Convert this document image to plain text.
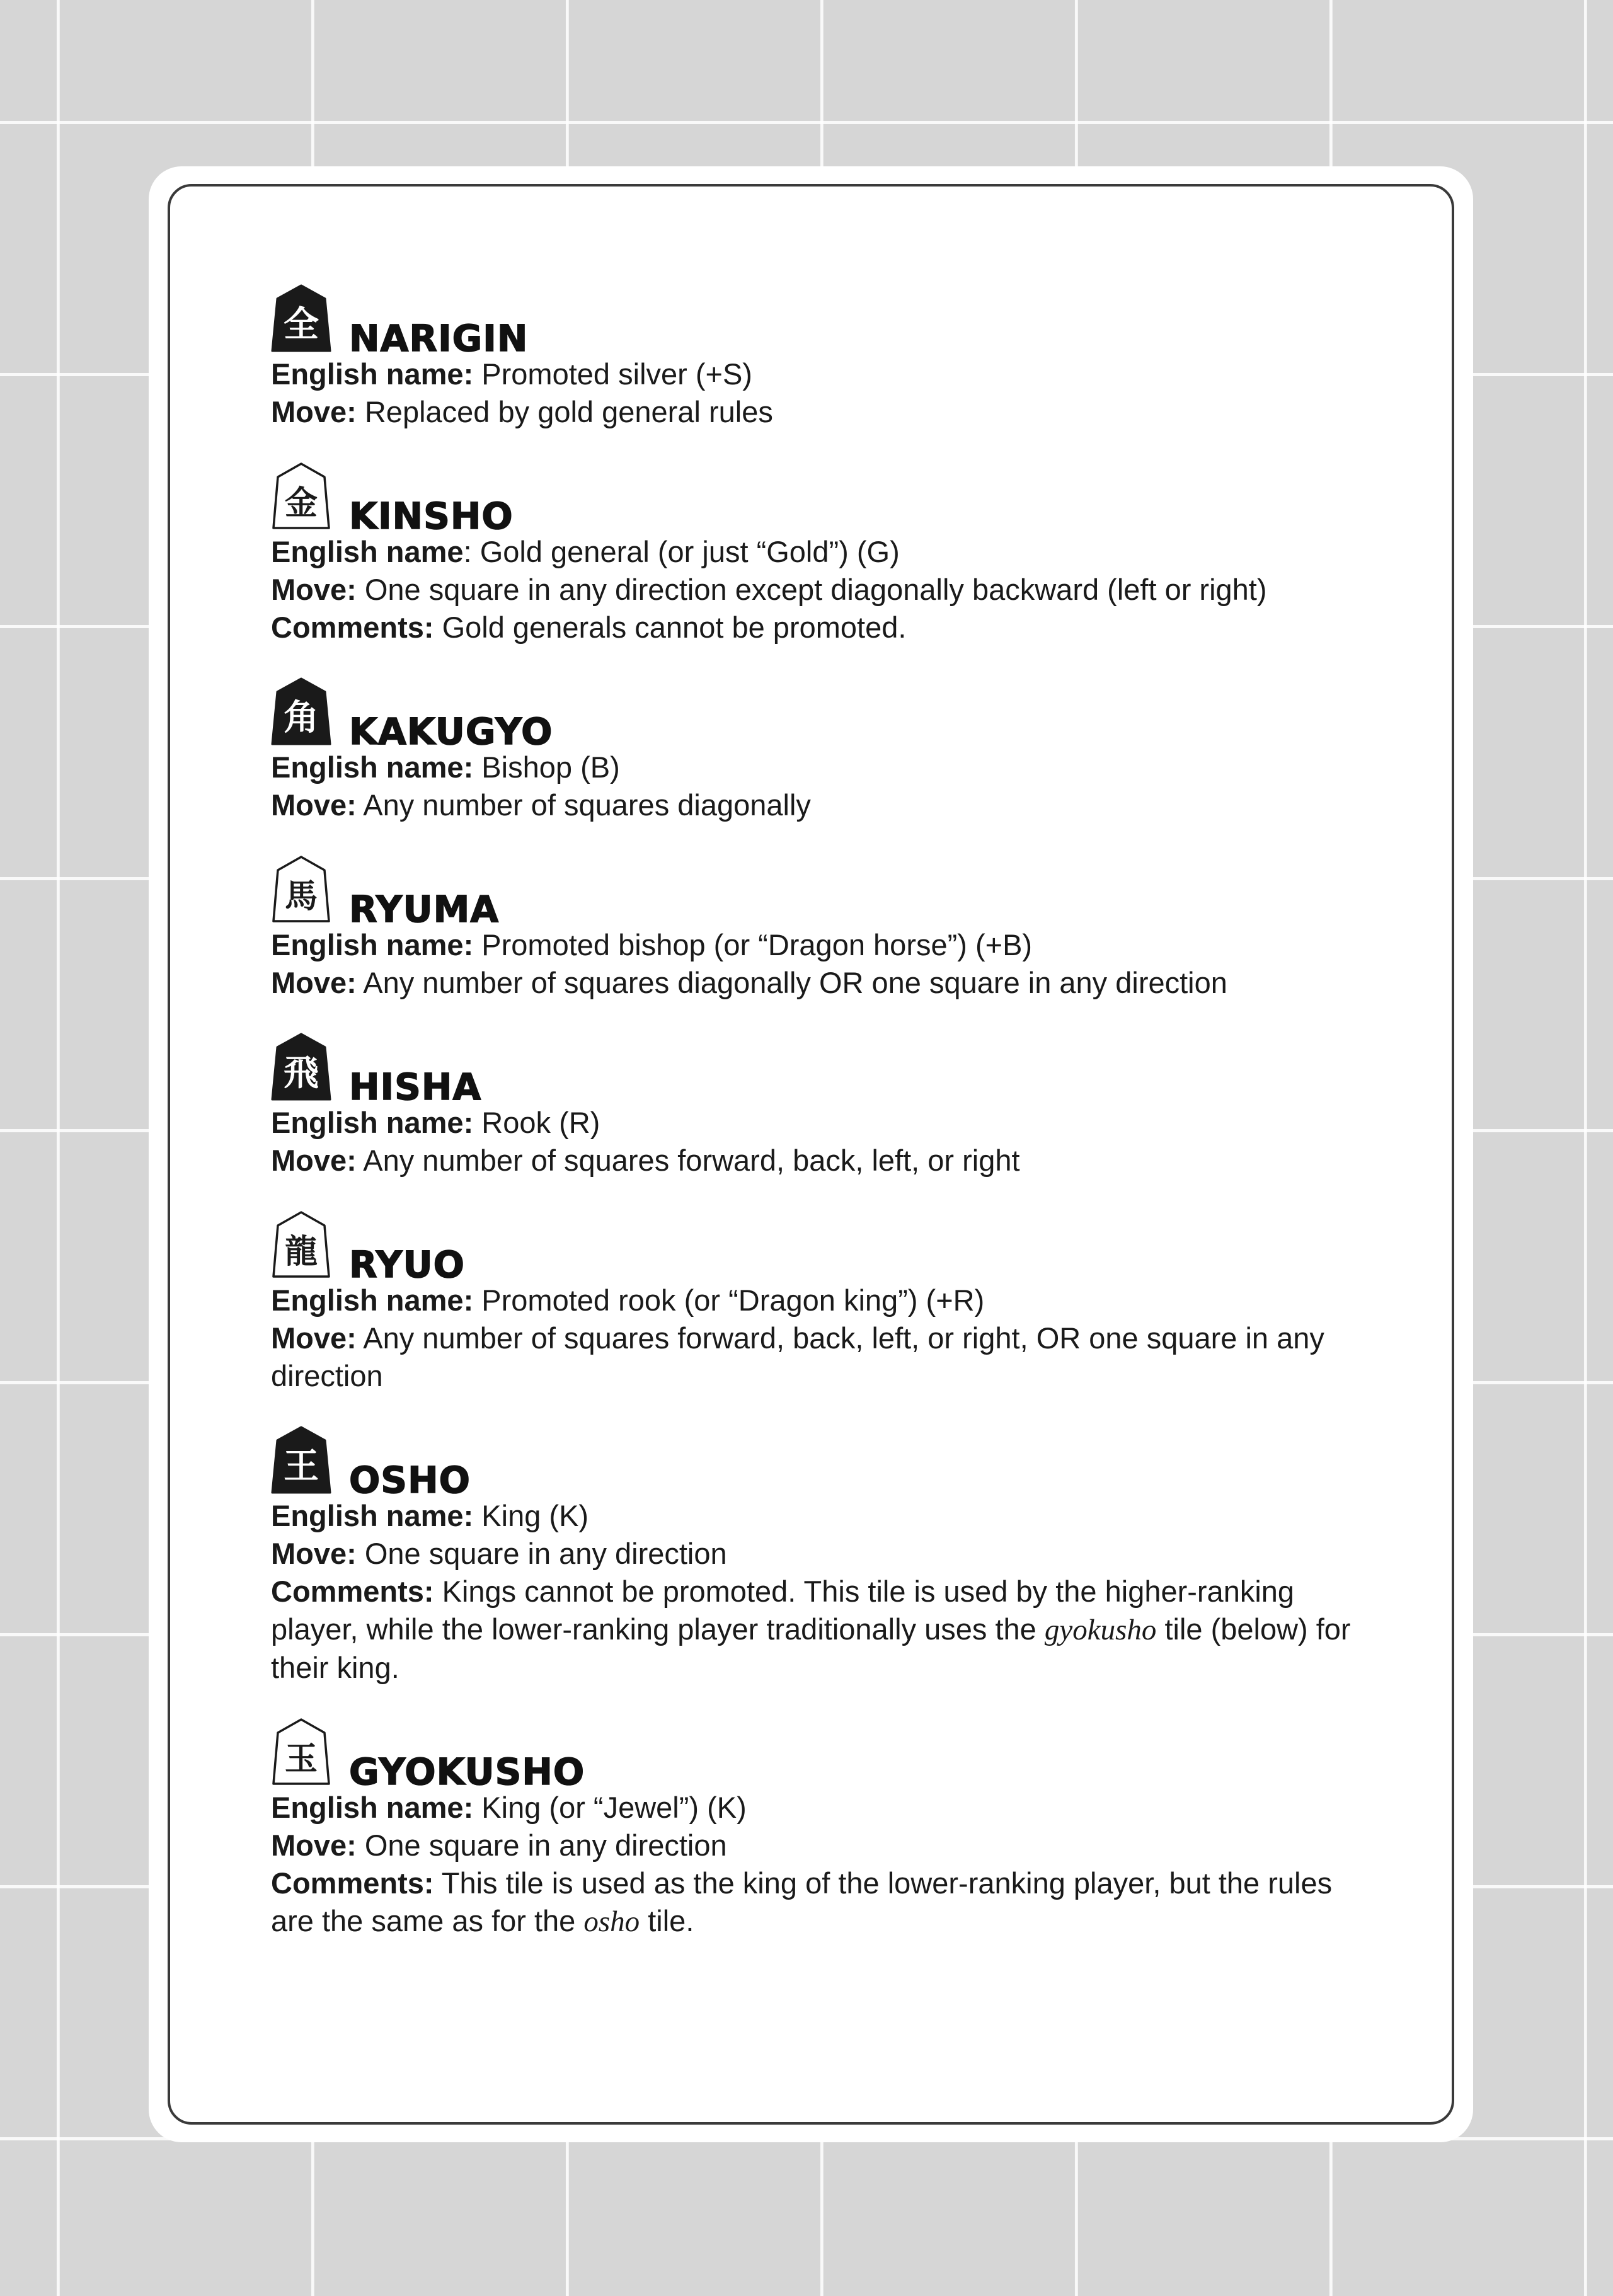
全 NARIGIN

English name: Promoted silver (+S)

Move: Replaced by gold general rules

金 KINSHO

English name: Gold general (or just “Gold”) (G)

Move: One square in any direction except diagonally backward (left or right)

Comments: Gold generals cannot be promoted.

角 KAKUGYO

English name: Bishop (B)

Move: Any number of squares diagonally

馬 RYUMA

English name: Promoted bishop (or “Dragon horse”) (+B)

Move: Any number of squares diagonally OR one square in any direction

飛 HISHA

English name: Rook (R)

Move: Any number of squares forward, back, left, or right

龍 RYUO

English name: Promoted rook (or “Dragon king”) (+R)

Move: Any number of squares forward, back, left, or right, OR one square in any direction

王 OSHO

English name: King (K)

Move: One square in any direction

Comments: Kings cannot be promoted. This tile is used by the higher-ranking player, while the lower-ranking player traditionally uses the gyokusho tile (below) for their king.

玉 GYOKUSHO

English name: King (or “Jewel”) (K)

Move: One square in any direction

Comments: This tile is used as the king of the lower-ranking player, but the rules are the same as for the osho tile.
